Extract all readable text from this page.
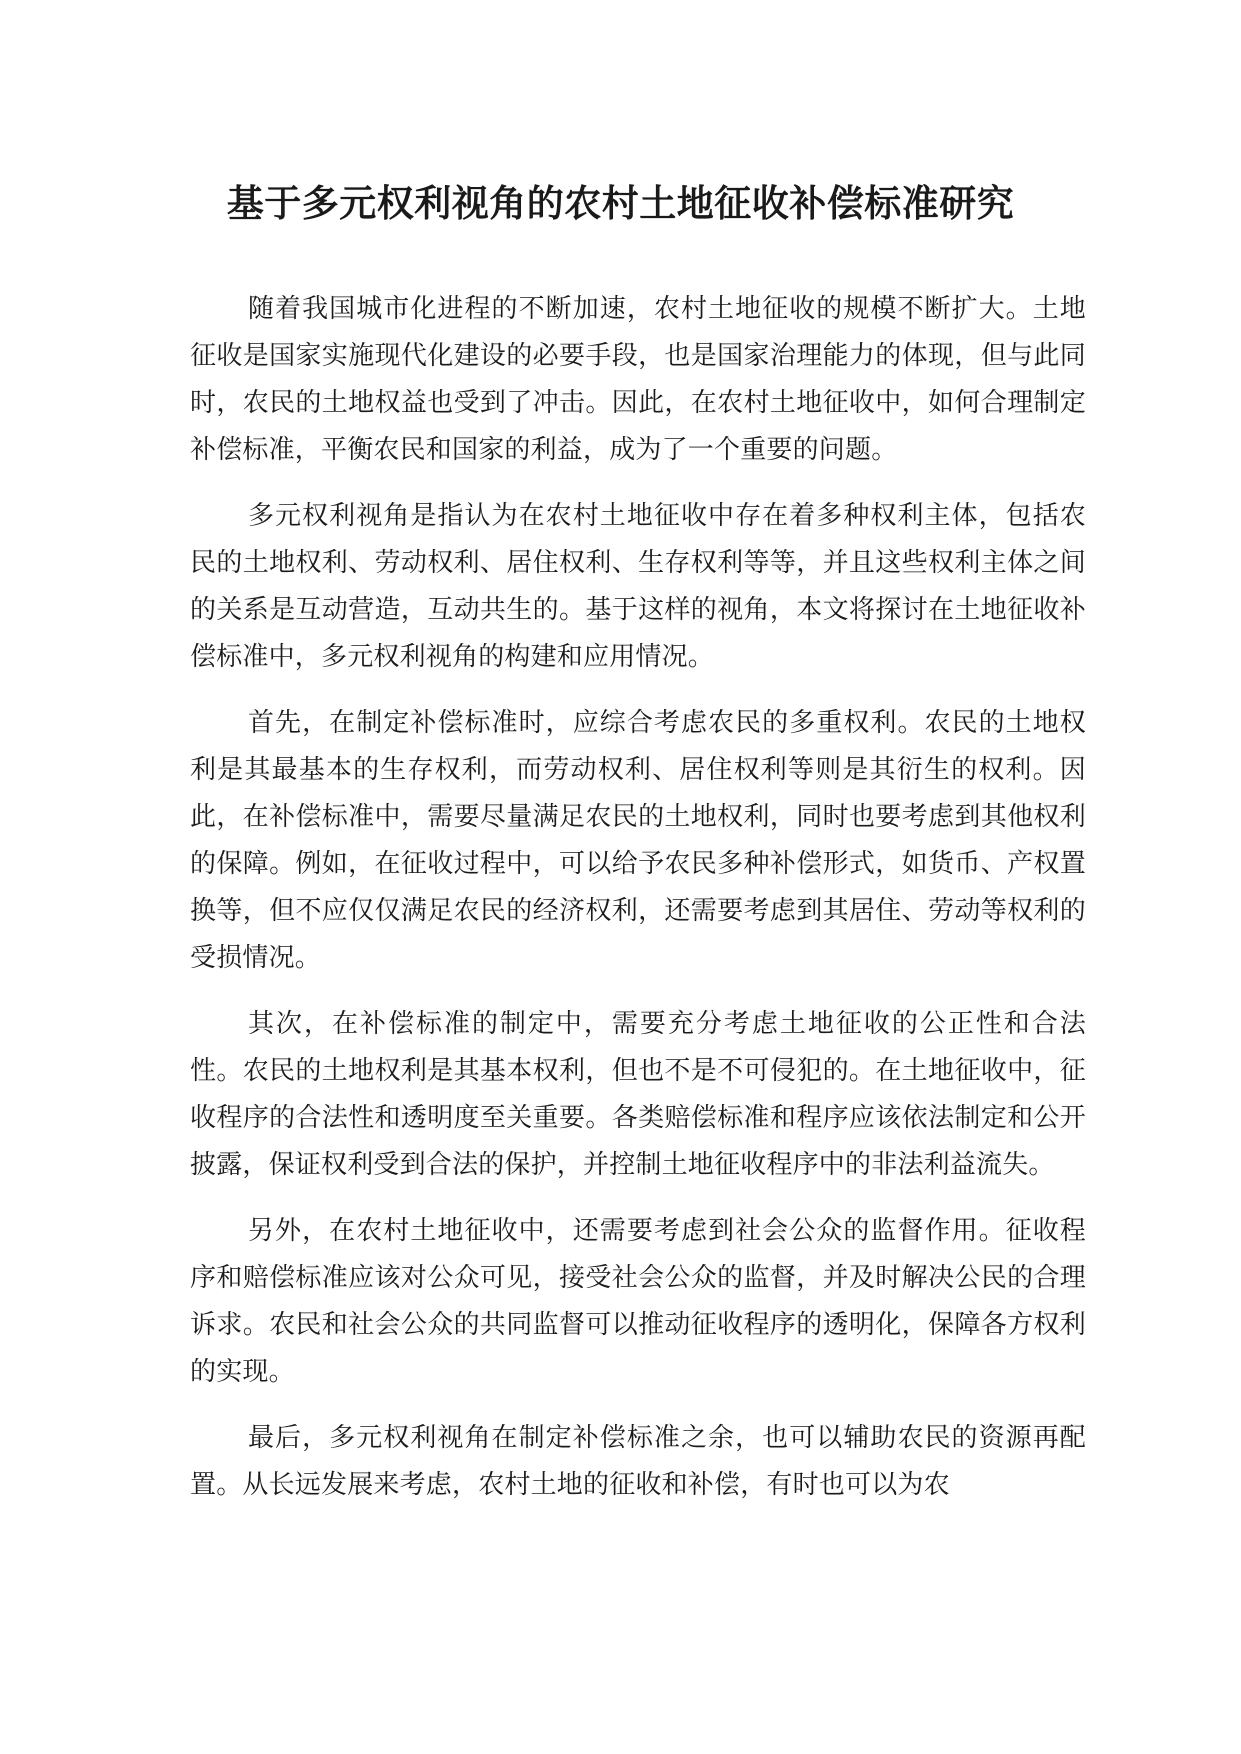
基于多元权利视角的农村土地征收补偿标准研究

随着我国城市化进程的不断加速，农村土地征收的规模不断扩大。土地征收是国家实施现代化建设的必要手段，也是国家治理能力的体现，但与此同时，农民的土地权益也受到了冲击。因此，在农村土地征收中，如何合理制定补偿标准，平衡农民和国家的利益，成为了一个重要的问题。

多元权利视角是指认为在农村土地征收中存在着多种权利主体，包括农民的土地权利、劳动权利、居住权利、生存权利等等，并且这些权利主体之间的关系是互动营造，互动共生的。基于这样的视角，本文将探讨在土地征收补偿标准中，多元权利视角的构建和应用情况。

首先，在制定补偿标准时，应综合考虑农民的多重权利。农民的土地权利是其最基本的生存权利，而劳动权利、居住权利等则是其衍生的权利。因此，在补偿标准中，需要尽量满足农民的土地权利，同时也要考虑到其他权利的保障。例如，在征收过程中，可以给予农民多种补偿形式，如货币、产权置换等，但不应仅仅满足农民的经济权利，还需要考虑到其居住、劳动等权利的受损情况。

其次，在补偿标准的制定中，需要充分考虑土地征收的公正性和合法性。农民的土地权利是其基本权利，但也不是不可侵犯的。在土地征收中，征收程序的合法性和透明度至关重要。各类赔偿标准和程序应该依法制定和公开披露，保证权利受到合法的保护，并控制土地征收程序中的非法利益流失。

另外，在农村土地征收中，还需要考虑到社会公众的监督作用。征收程序和赔偿标准应该对公众可见，接受社会公众的监督，并及时解决公民的合理诉求。农民和社会公众的共同监督可以推动征收程序的透明化，保障各方权利的实现。

最后，多元权利视角在制定补偿标准之余，也可以辅助农民的资源再配置。从长远发展来考虑，农村土地的征收和补偿，有时也可以为农
